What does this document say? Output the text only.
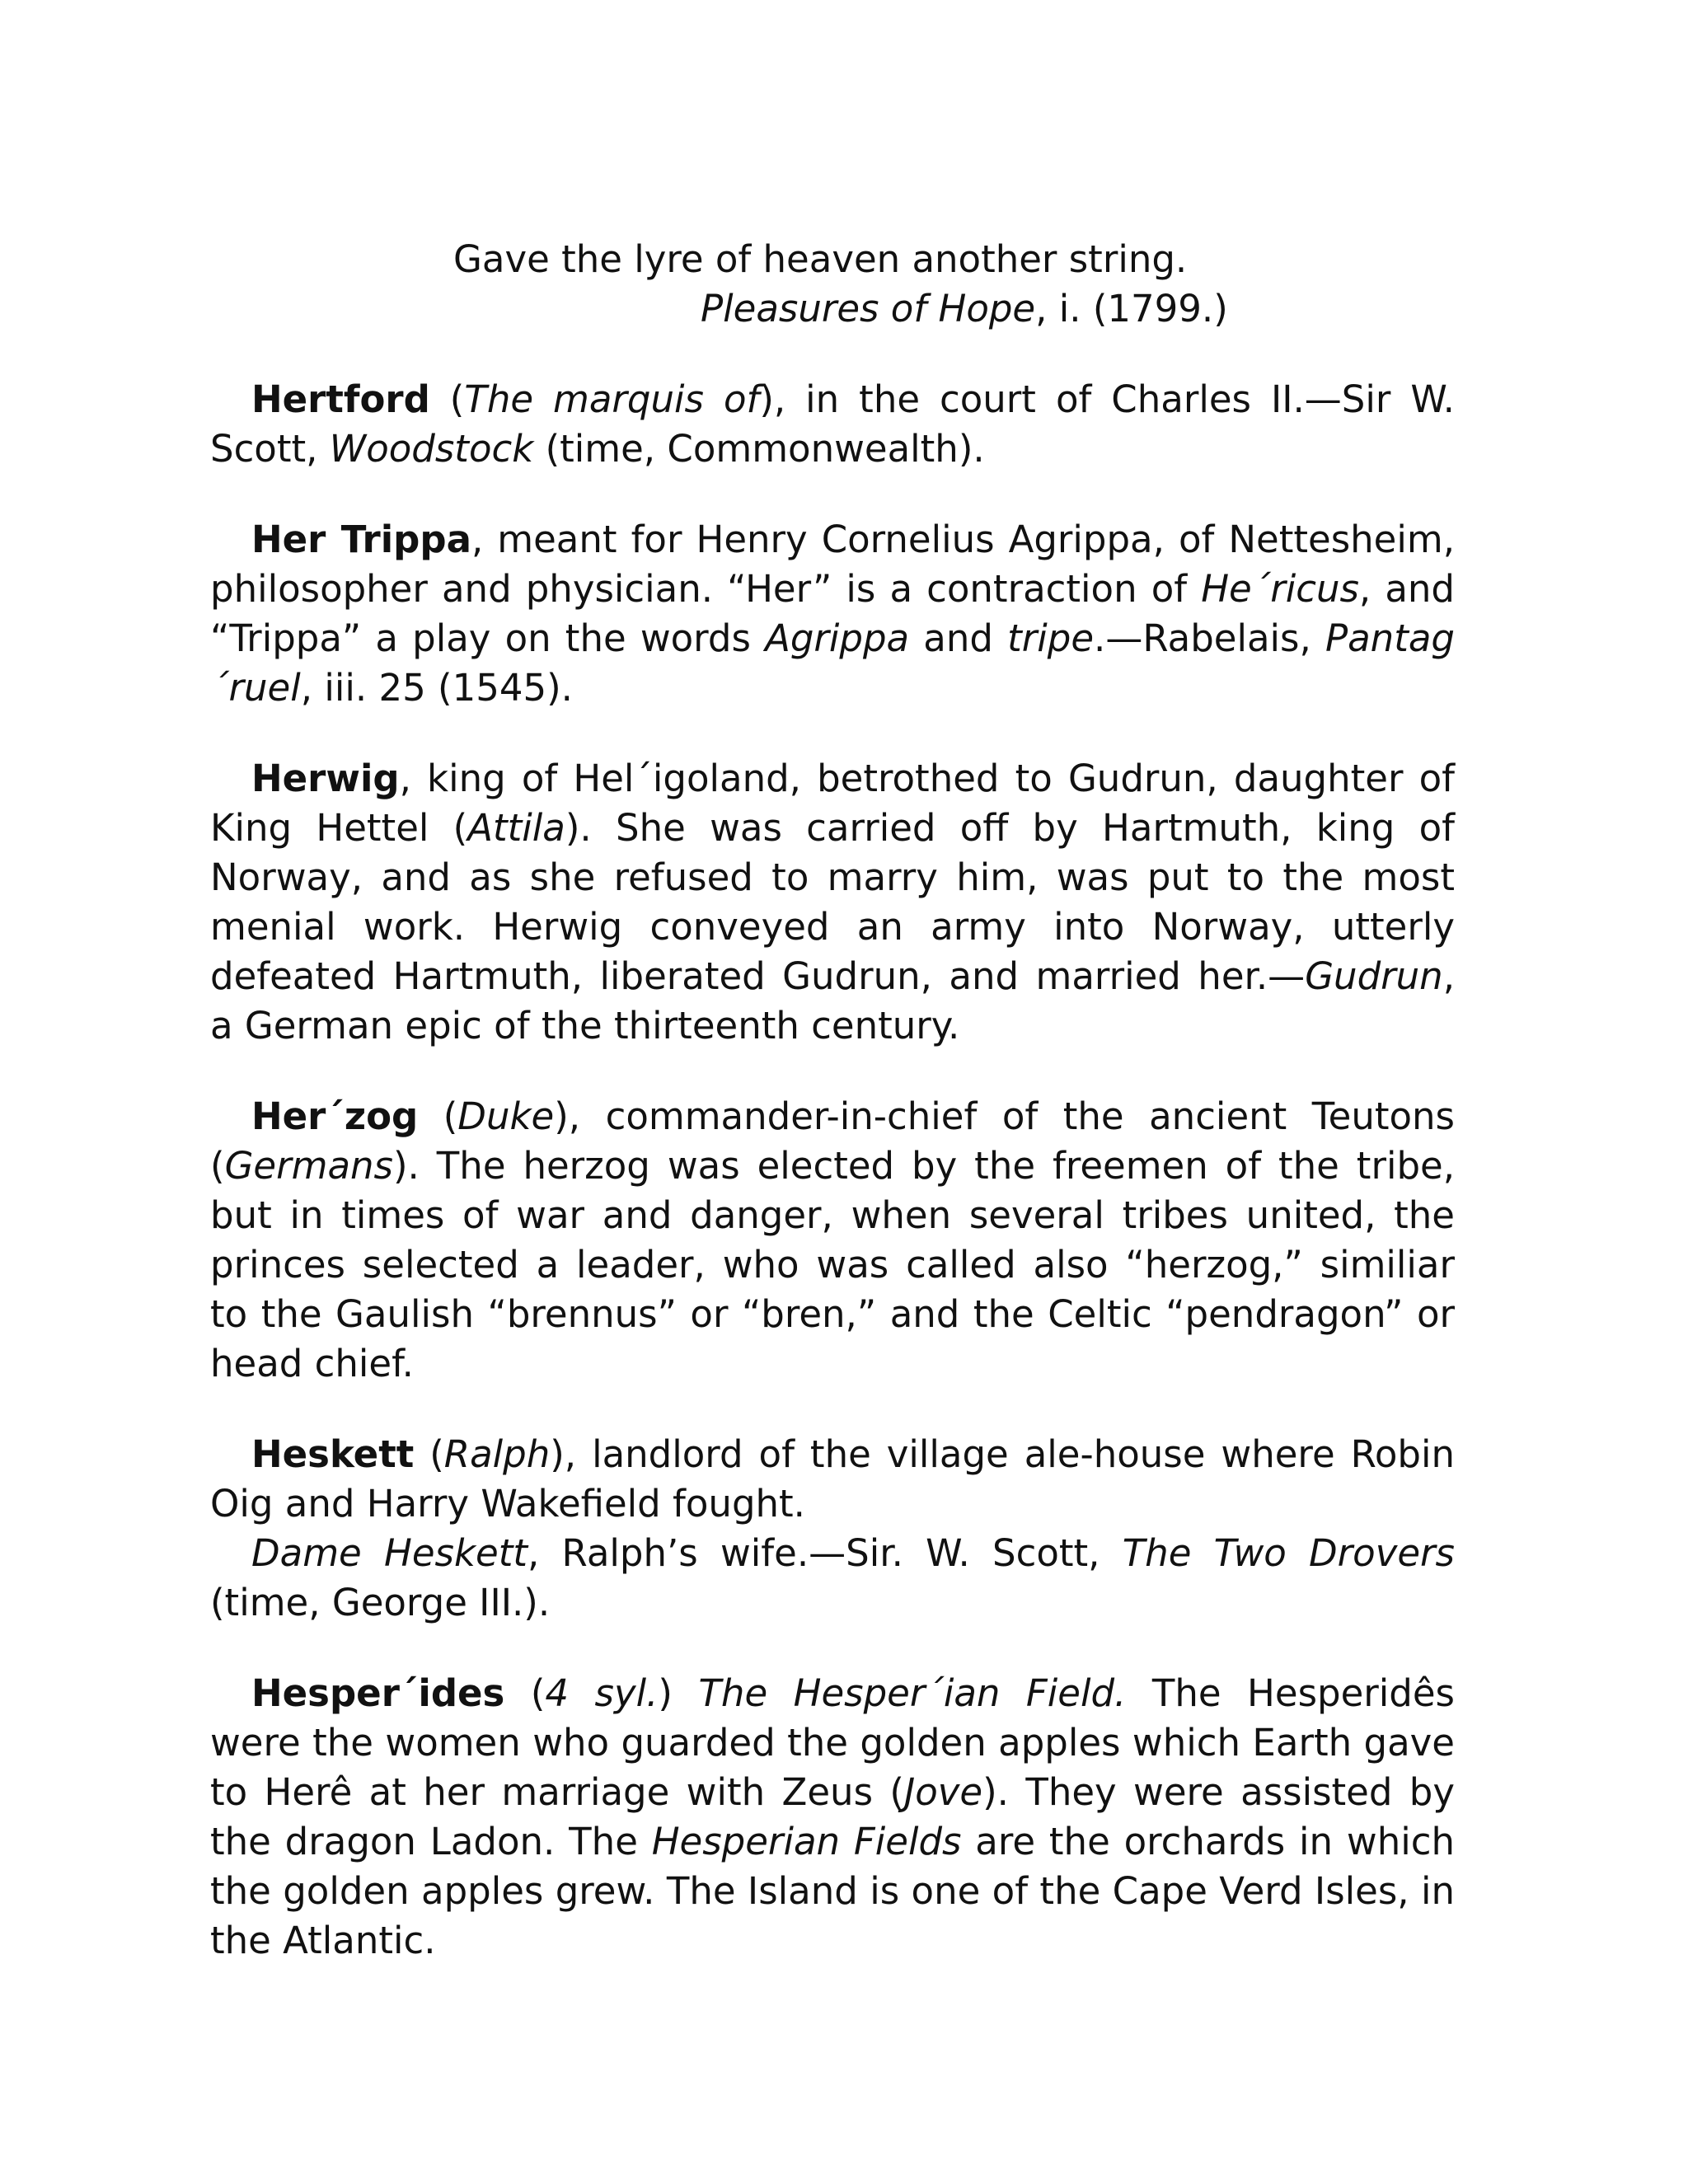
Gave the lyre of heaven another string.
Pleasures of Hope, i. (1799.)

Hertford (The marquis of), in the court of Charles II.—Sir W. Scott, Woodstock (time, Commonwealth).

Her Trippa, meant for Henry Cornelius Agrippa, of Nettesheim, philosopher and physician. “Her” is a contraction of He´ricus, and “Trippa” a play on the words Agrippa and tripe.—Rabelais, Pantag´ruel, iii. 25 (1545).

Herwig, king of Hel´igoland, betrothed to Gudrun, daughter of King Hettel (Attila). She was carried off by Hartmuth, king of Norway, and as she refused to marry him, was put to the most menial work. Herwig conveyed an army into Norway, utterly defeated Hartmuth, liberated Gudrun, and married her.—Gudrun, a German epic of the thirteenth century.

Her´zog (Duke), commander-in-chief of the ancient Teutons (Germans). The herzog was elected by the freemen of the tribe, but in times of war and danger, when several tribes united, the princes selected a leader, who was called also “herzog,” similiar to the Gaulish “brennus” or “bren,” and the Celtic “pendragon” or head chief.

Heskett (Ralph), landlord of the village ale-house where Robin Oig and Harry Wakefield fought.

Dame Heskett, Ralph’s wife.—Sir. W. Scott, The Two Drovers (time, George III.).

Hesper´ides (4 syl.) The Hesper´ian Field. The Hesperidês were the women who guarded the golden apples which Earth gave to Herê at her marriage with Zeus (Jove). They were assisted by the dragon Ladon. The Hesperian Fields are the orchards in which the golden apples grew. The Island is one of the Cape Verd Isles, in the Atlantic.
